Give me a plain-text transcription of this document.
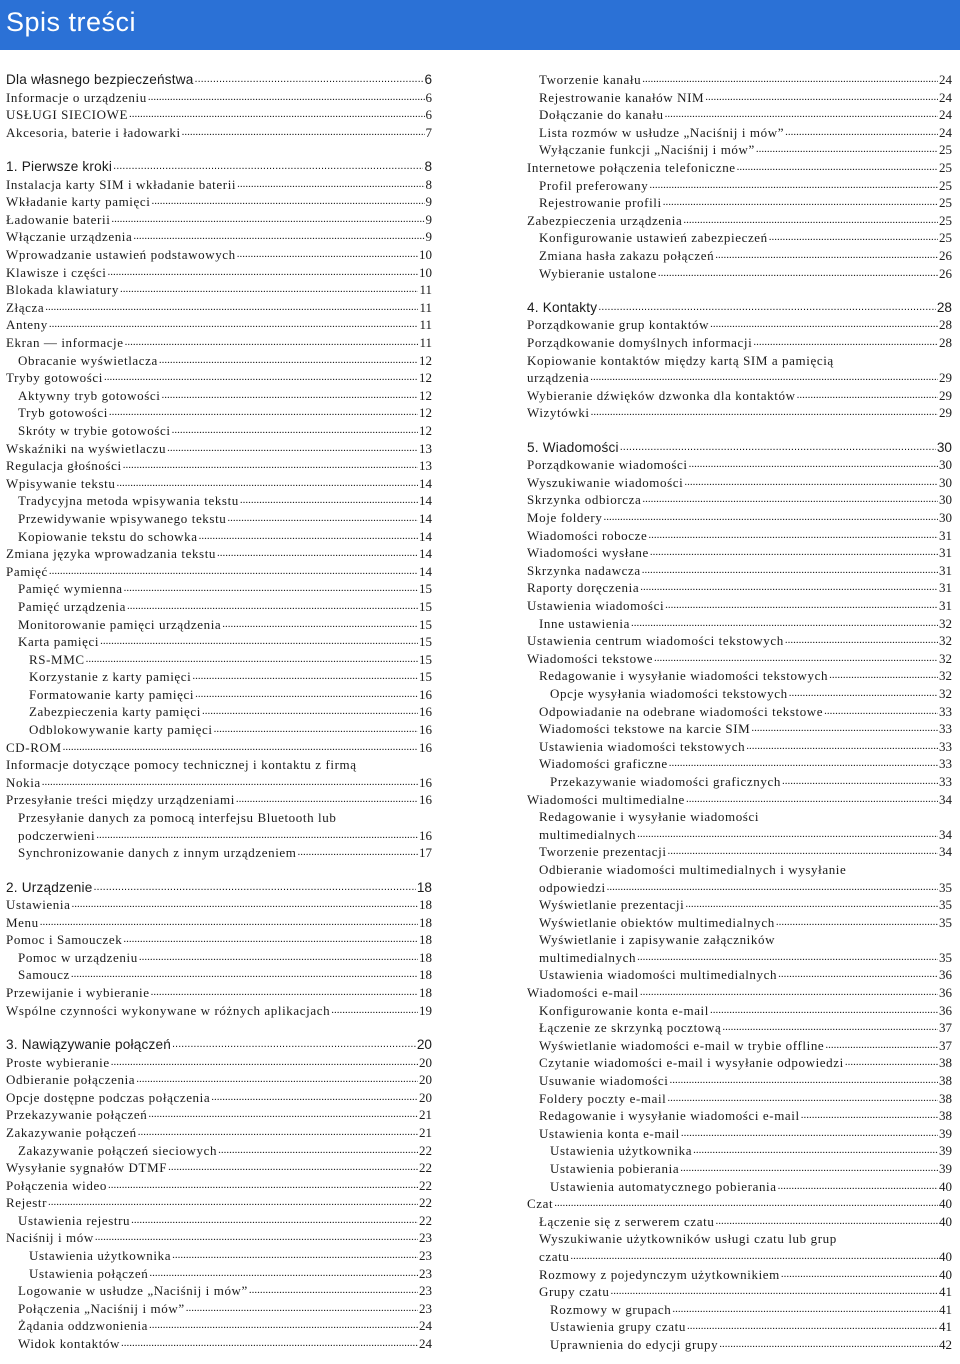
Spis treści
Dla własnego bezpieczeństwa .....	6
Informacje o urządzeniu .....	6
USŁUGI SIECIOWE .....	6
Akcesoria, baterie i ładowarki .....	7
1. Pierwsze kroki .....	8
Instalacja karty SIM i wkładanie baterii .....	8
Wkładanie karty pamięci .....	9
Ładowanie baterii .....	9
Włączanie urządzenia .....	9
Wprowadzanie ustawień podstawowych .....	10
Klawisze i części .....	10
Blokada klawiatury .....	11
Złącza .....	11
Anteny .....	11
Ekran — informacje .....	11
Obracanie wyświetlacza .....	12
Tryby gotowości .....	12
Aktywny tryb gotowości .....	12
Tryb gotowości .....	12
Skróty w trybie gotowości .....	12
Wskaźniki na wyświetlaczu .....	13
Regulacja głośności .....	13
Wpisywanie tekstu .....	14
Tradycyjna metoda wpisywania tekstu .....	14
Przewidywanie wpisywanego tekstu .....	14
Kopiowanie tekstu do schowka .....	14
Zmiana języka wprowadzania tekstu .....	14
Pamięć .....	14
Pamięć wymienna .....	15
Pamięć urządzenia .....	15
Monitorowanie pamięci urządzenia .....	15
Karta pamięci .....	15
RS-MMC .....	15
Korzystanie z karty pamięci .....	15
Formatowanie karty pamięci .....	16
Zabezpieczenia karty pamięci .....	16
Odblokowywanie karty pamięci .....	16
CD-ROM .....	16
Informacje dotyczące pomocy technicznej i kontaktu z firmą
Nokia .....	16
Przesyłanie treści między urządzeniami .....	16
Przesyłanie danych za pomocą interfejsu Bluetooth lub
podczerwieni .....	16
Synchronizowanie danych z innym urządzeniem .....	17
2. Urządzenie .....	18
Ustawienia .....	18
Menu .....	18
Pomoc i Samouczek .....	18
Pomoc w urządzeniu .....	18
Samoucz .....	18
Przewijanie i wybieranie .....	18
Wspólne czynności wykonywane w różnych aplikacjach .....	19
3. Nawiązywanie połączeń .....	20
Proste wybieranie .....	20
Odbieranie połączenia .....	20
Opcje dostępne podczas połączenia .....	20
Przekazywanie połączeń .....	21
Zakazywanie połączeń .....	21
Zakazywanie połączeń sieciowych .....	22
Wysyłanie sygnałów DTMF .....	22
Połączenia wideo .....	22
Rejestr .....	22
Ustawienia rejestru .....	22
Naciśnij i mów .....	23
Ustawienia użytkownika .....	23
Ustawienia połączeń .....	23
Logowanie w usłudze „Naciśnij i mów” .....	23
Połączenia „Naciśnij i mów” .....	23
Żądania oddzwonienia .....	24
Widok kontaktów .....	24
Tworzenie kanału .....	24
Rejestrowanie kanałów NIM .....	24
Dołączanie do kanału .....	24
Lista rozmów w usłudze „Naciśnij i mów” .....	24
Wyłączanie funkcji „Naciśnij i mów” .....	25
Internetowe połączenia telefoniczne .....	25
Profil preferowany .....	25
Rejestrowanie profili .....	25
Zabezpieczenia urządzenia .....	25
Konfigurowanie ustawień zabezpieczeń .....	25
Zmiana hasła zakazu połączeń .....	26
Wybieranie ustalone .....	26
4. Kontakty .....	28
Porządkowanie grup kontaktów .....	28
Porządkowanie domyślnych informacji .....	28
Kopiowanie kontaktów między kartą SIM a pamięcią
urządzenia .....	29
Wybieranie dźwięków dzwonka dla kontaktów .....	29
Wizytówki .....	29
5. Wiadomości .....	30
Porządkowanie wiadomości .....	30
Wyszukiwanie wiadomości .....	30
Skrzynka odbiorcza .....	30
Moje foldery .....	30
Wiadomości robocze .....	31
Wiadomości wysłane .....	31
Skrzynka nadawcza .....	31
Raporty doręczenia .....	31
Ustawienia wiadomości .....	31
Inne ustawienia .....	32
Ustawienia centrum wiadomości tekstowych .....	32
Wiadomości tekstowe .....	32
Redagowanie i wysyłanie wiadomości tekstowych .....	32
Opcje wysyłania wiadomości tekstowych .....	32
Odpowiadanie na odebrane wiadomości tekstowe .....	33
Wiadomości tekstowe na karcie SIM .....	33
Ustawienia wiadomości tekstowych .....	33
Wiadomości graficzne .....	33
Przekazywanie wiadomości graficznych .....	33
Wiadomości multimedialne .....	34
Redagowanie i wysyłanie wiadomości
multimedialnych .....	34
Tworzenie prezentacji .....	34
Odbieranie wiadomości multimedialnych i wysyłanie
odpowiedzi .....	35
Wyświetlanie prezentacji .....	35
Wyświetlanie obiektów multimedialnych .....	35
Wyświetlanie i zapisywanie załączników
multimedialnych .....	35
Ustawienia wiadomości multimedialnych .....	36
Wiadomości e-mail .....	36
Konfigurowanie konta e-mail .....	36
Łączenie ze skrzynką pocztową .....	37
Wyświetlanie wiadomości e-mail w trybie offline .....	37
Czytanie wiadomości e-mail i wysyłanie odpowiedzi .....	38
Usuwanie wiadomości .....	38
Foldery poczty e-mail .....	38
Redagowanie i wysyłanie wiadomości e-mail .....	38
Ustawienia konta e-mail .....	39
Ustawienia użytkownika .....	39
Ustawienia pobierania .....	39
Ustawienia automatycznego pobierania .....	40
Czat .....	40
Łączenie się z serwerem czatu .....	40
Wyszukiwanie użytkowników usługi czatu lub grup
czatu .....	40
Rozmowy z pojedynczym użytkownikiem .....	40
Grupy czatu .....	41
Rozmowy w grupach .....	41
Ustawienia grupy czatu .....	41
Uprawnienia do edycji grupy .....	42
